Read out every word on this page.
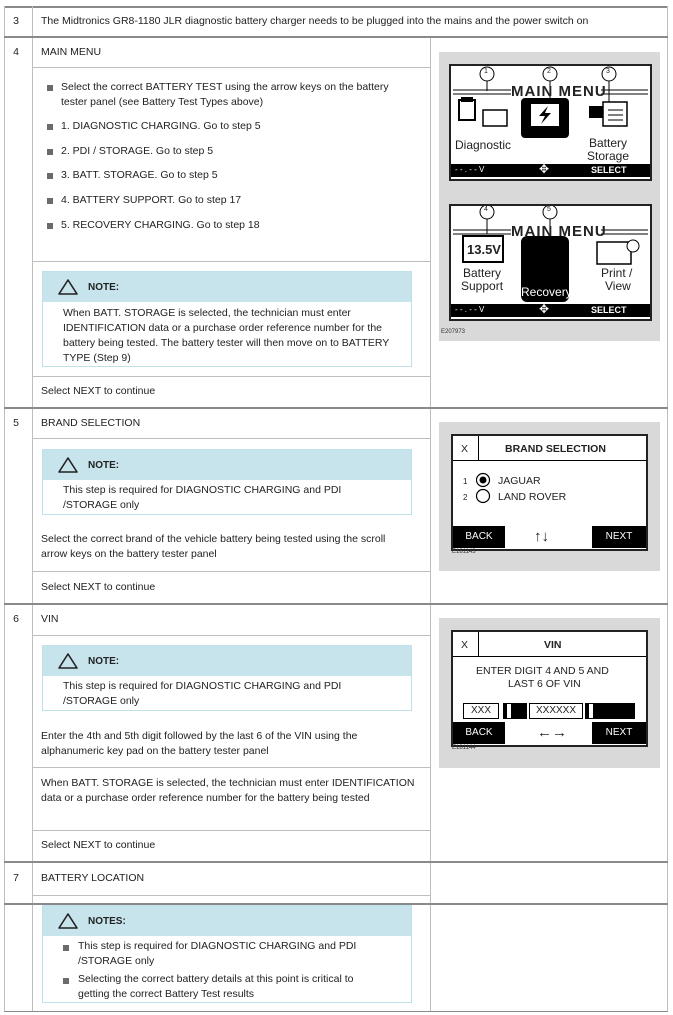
3	The Midtronics GR8-1180 JLR diagnostic battery charger needs to be plugged into the mains and the power switch on
4	MAIN MENU
Select the correct BATTERY TEST using the arrow keys on the battery tester panel (see Battery Test Types above)
1. DIAGNOSTIC CHARGING. Go to step 5
2. PDI / STORAGE. Go to step 5
3. BATT. STORAGE. Go to step 5
4. BATTERY SUPPORT. Go to step 17
5. RECOVERY CHARGING. Go to step 18
NOTE:
When BATT. STORAGE is selected, the technician must enter IDENTIFICATION data or a purchase order reference number for the battery being tested. The battery tester will then move on to BATTERY TYPE (Step 9)
Select NEXT to continue
1	2	3
MAIN MENU
Diagnostic PDI	Battery
Storage
- - . - - V	✥	SELECT
4	5
MAIN MENU
13.5V
Battery
Support Recovery
Print /
View
- - . - - V	✥	SELECT
E207973
5	BRAND SELECTION
NOTE:
This step is required for DIAGNOSTIC CHARGING and PDI /STORAGE only
Select the correct brand of the vehicle battery being tested using the scroll arrow keys on the battery tester panel
Select NEXT to continue
X	BRAND SELECTION
1	JAGUAR
2	LAND ROVER
BACK	↑↓	NEXT
E181143
6	VIN
NOTE:
This step is required for DIAGNOSTIC CHARGING and PDI /STORAGE only
Enter the 4th and 5th digit followed by the last 6 of the VIN using the alphanumeric key pad on the battery tester panel
When BATT. STORAGE is selected, the technician must enter IDENTIFICATION data or a purchase order reference number for the battery being tested
Select NEXT to continue
X	VIN
ENTER DIGIT 4 AND 5 AND
LAST 6 OF VIN
XXX	XXXXXX
BACK	←→	NEXT
E181144
7	BATTERY LOCATION
NOTES:
This step is required for DIAGNOSTIC CHARGING and PDI /STORAGE only
Selecting the correct battery details at this point is critical to getting the correct Battery Test results
